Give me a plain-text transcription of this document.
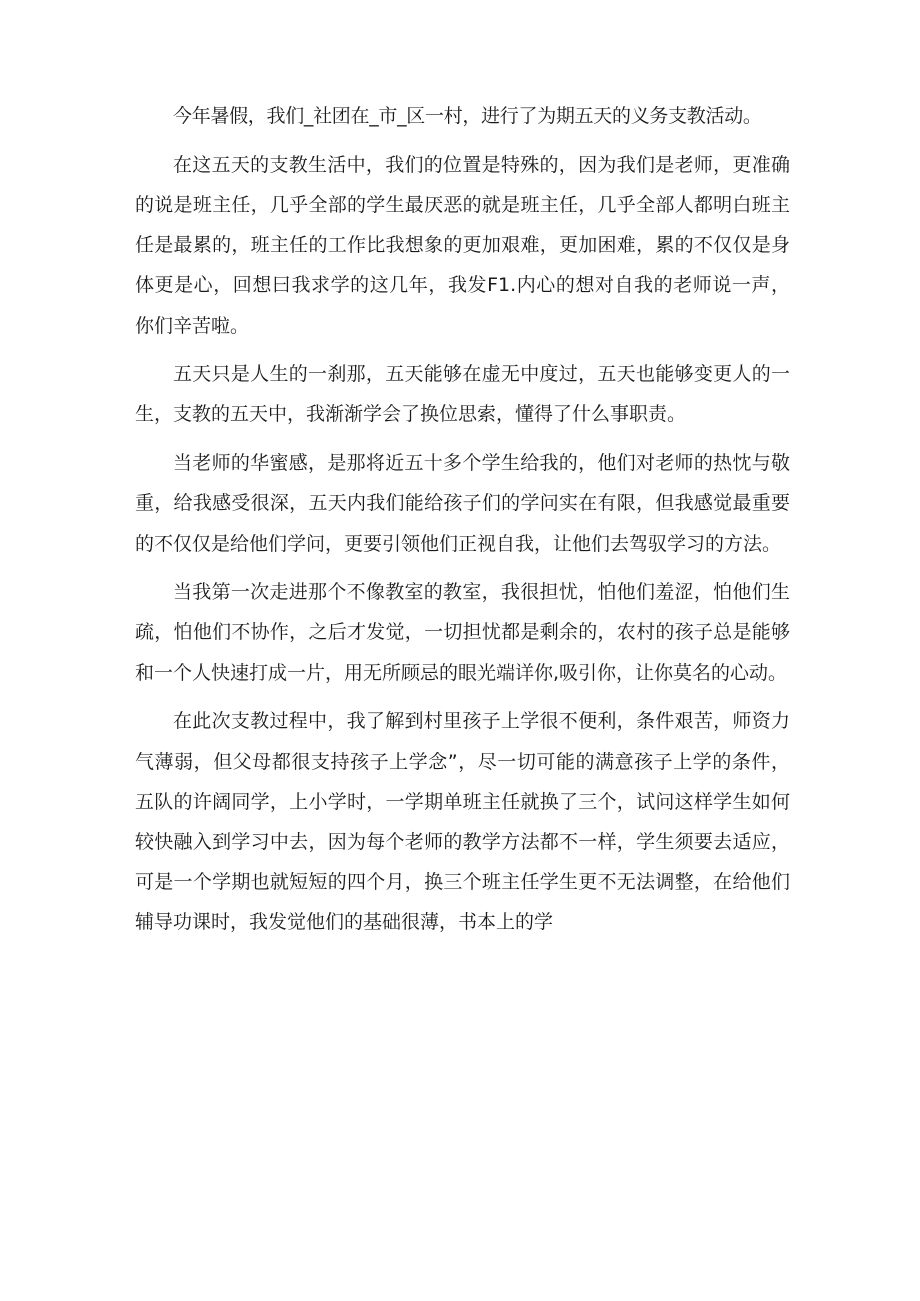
今年暑假，我们_社团在_市_区一村，进行了为期五天的义务支教活动。

在这五天的支教生活中，我们的位置是特殊的，因为我们是老师，更准确的说是班主任，几乎全部的学生最厌恶的就是班主任，几乎全部人都明白班主任是最累的，班主任的工作比我想象的更加艰难，更加困难，累的不仅仅是身体更是心，回想曰我求学的这几年，我发F1.内心的想对自我的老师说一声，你们辛苦啦。

五天只是人生的一刹那，五天能够在虚无中度过，五天也能够变更人的一生，支教的五天中，我渐渐学会了换位思索，懂得了什么事职责。

当老师的华蜜感，是那将近五十多个学生给我的，他们对老师的热忱与敬重，给我感受很深，五天内我们能给孩子们的学问实在有限，但我感觉最重要的不仅仅是给他们学问，更要引领他们正视自我，让他们去驾驭学习的方法。

当我第一次走进那个不像教室的教室，我很担忧，怕他们羞涩，怕他们生疏，怕他们不协作，之后才发觉，一切担忧都是剩余的，农村的孩子总是能够和一个人快速打成一片，用无所顾忌的眼光端详你,吸引你，让你莫名的心动。

在此次支教过程中，我了解到村里孩子上学很不便利，条件艰苦，师资力气薄弱，但父母都很支持孩子上学念”，尽一切可能的满意孩子上学的条件，五队的许阔同学，上小学时，一学期单班主任就换了三个，试问这样学生如何较快融入到学习中去，因为每个老师的教学方法都不一样，学生须要去适应，可是一个学期也就短短的四个月，换三个班主任学生更不无法调整，在给他们辅导功课时，我发觉他们的基础很薄，书本上的学
